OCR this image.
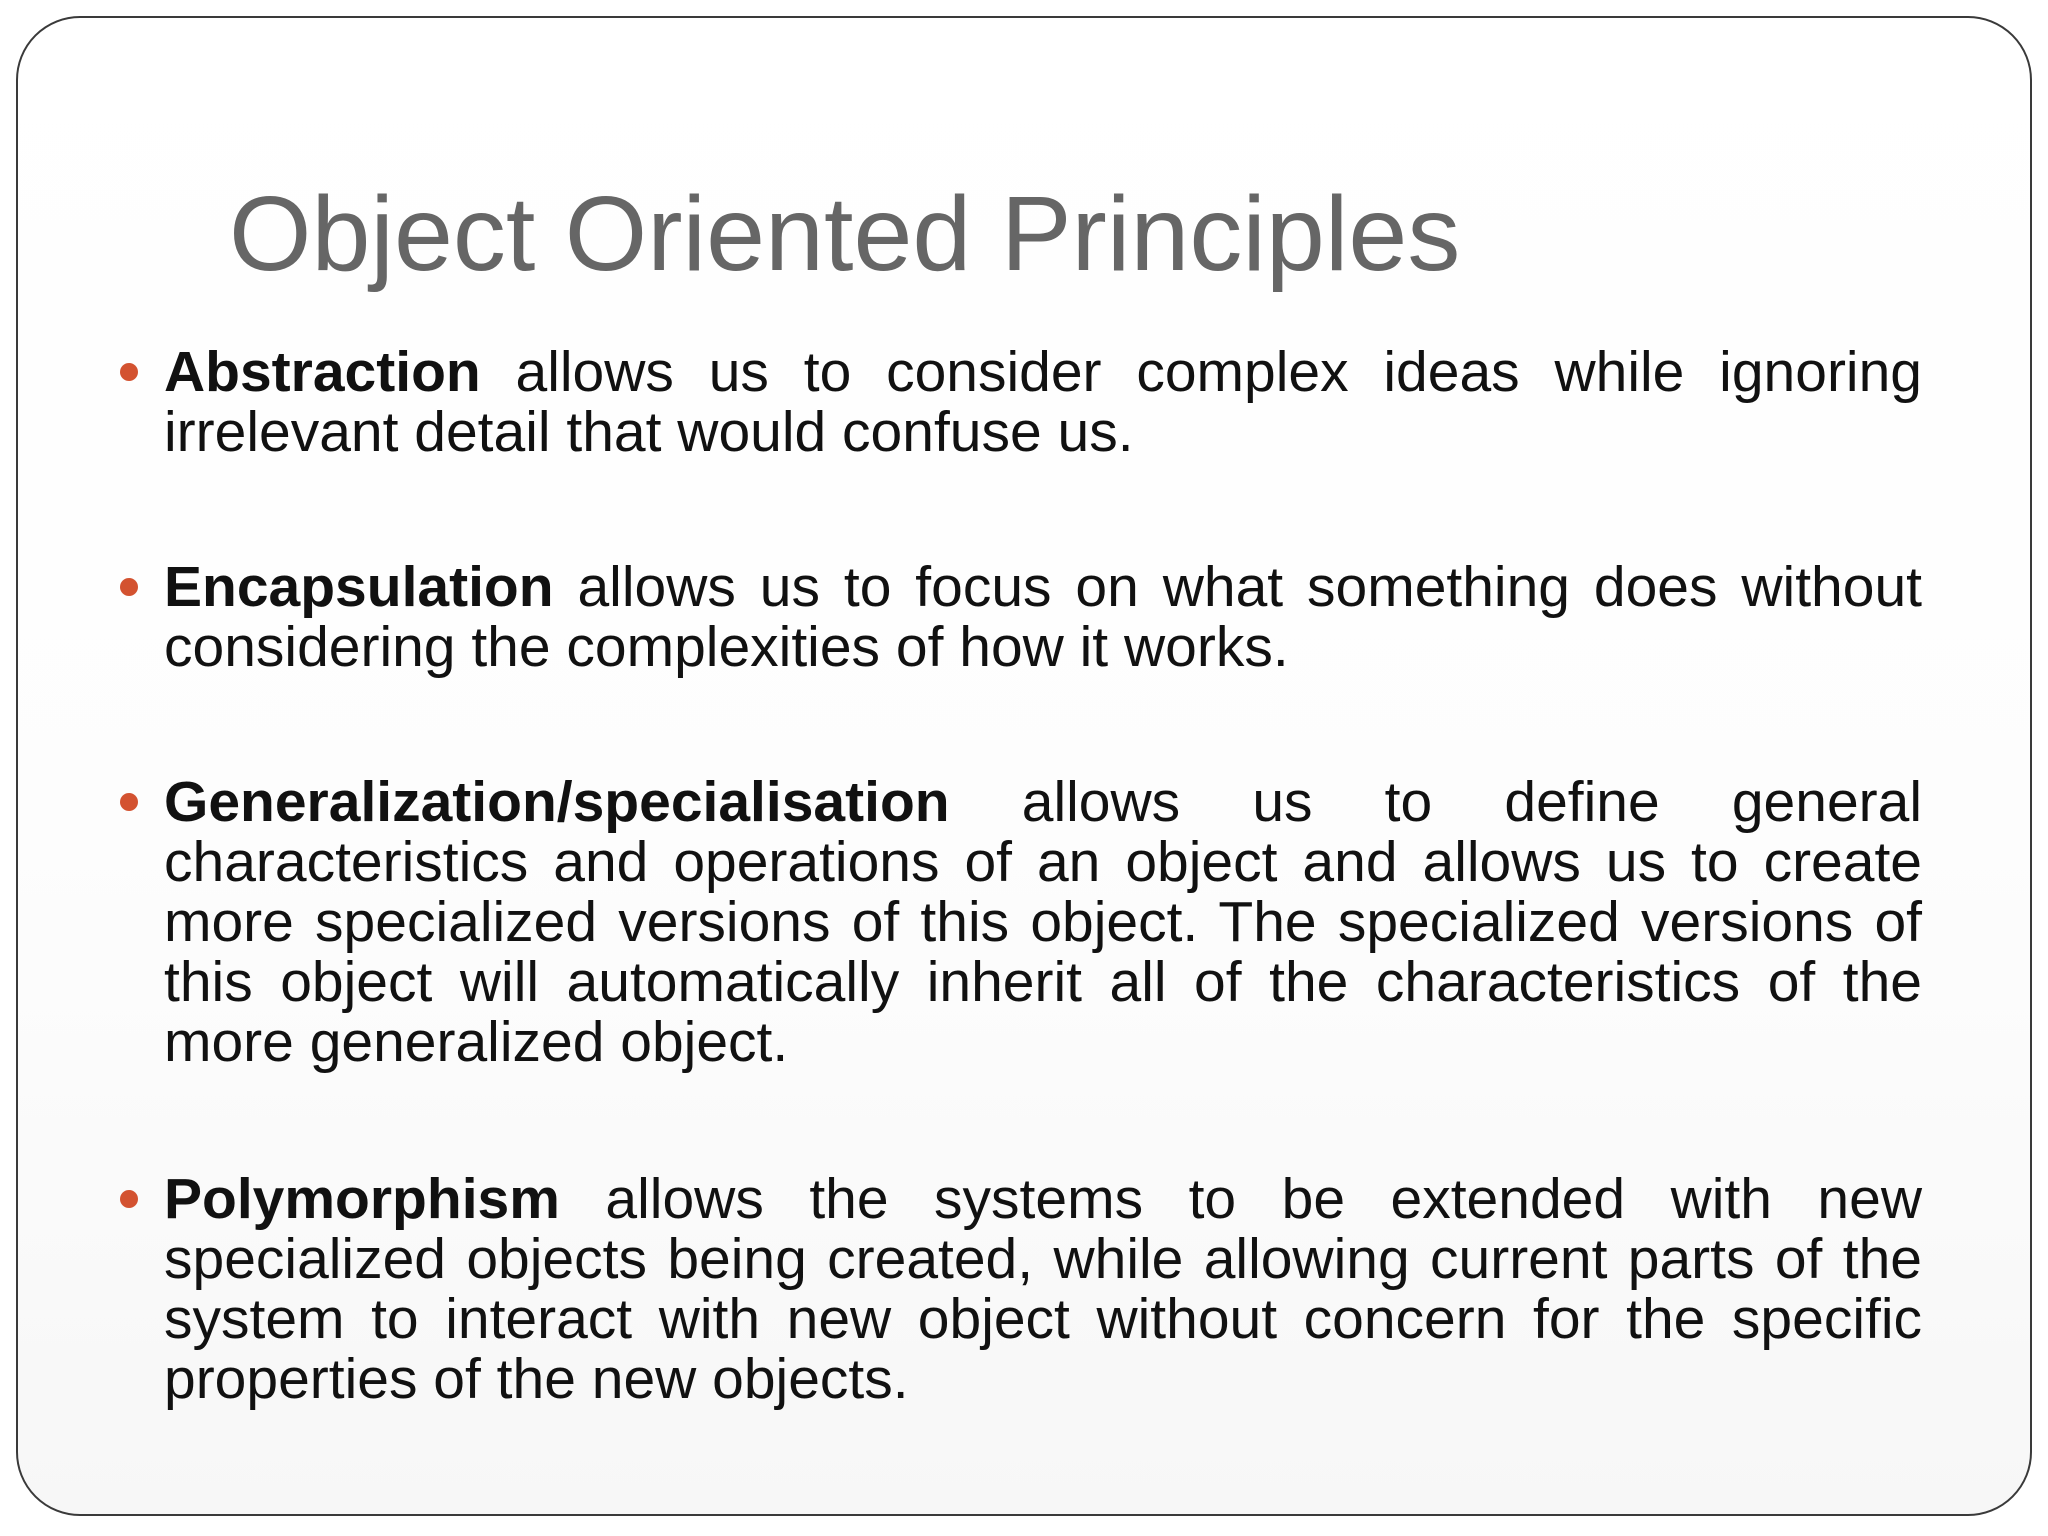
Object Oriented Principles
Abstraction allows us to consider complex ideas while ignoring irrelevant detail that would confuse us.
Encapsulation allows us to focus on what something does without considering the complexities of how it works.
Generalization/specialisation allows us to define general characteristics and operations of an object and allows us to create more specialized versions of this object. The specialized versions of this object will automatically inherit all of the characteristics of the more generalized object.
Polymorphism allows the systems to be extended with new specialized objects being created, while allowing current parts of the system to interact with new object without concern for the specific properties of the new objects.
